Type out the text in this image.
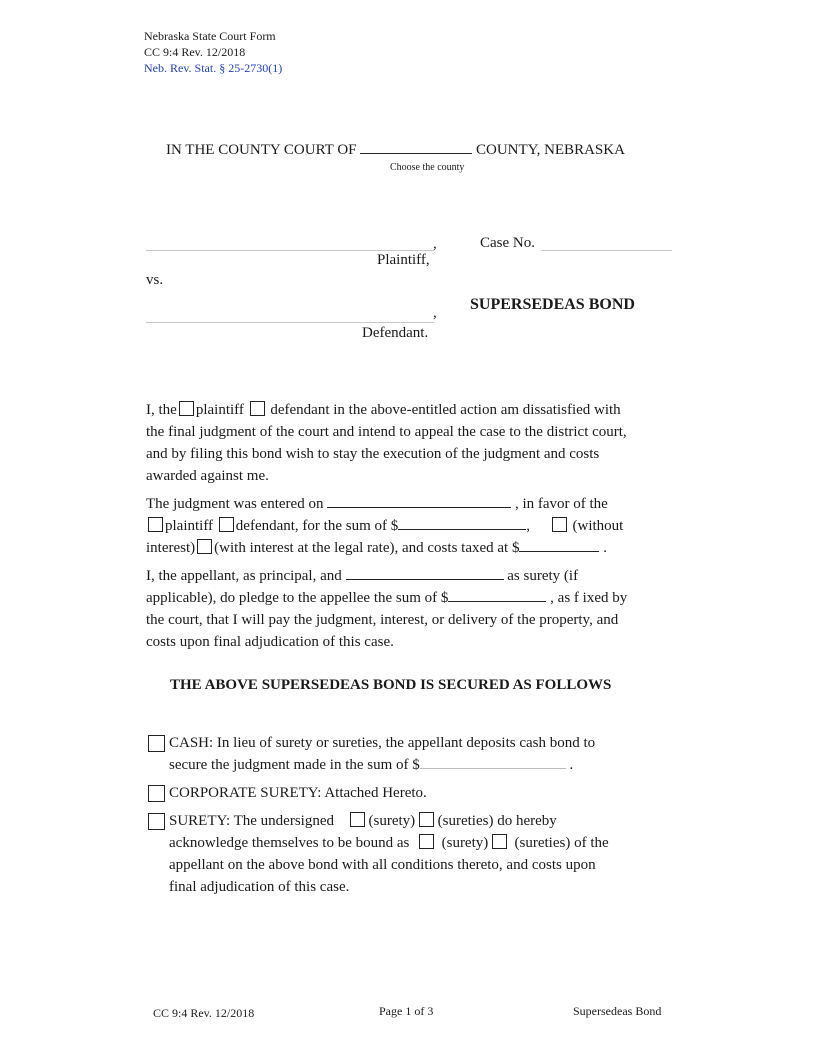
Nebraska State Court Form
CC 9:4 Rev. 12/2018
Neb. Rev. Stat. § 25-2730(1)
IN THE COUNTY COURT OF	COUNTY, NEBRASKA
Choose the county
,
Plaintiff,
Case No.
vs.
SUPERSEDEAS BOND
,
Defendant.
I, the plaintiff defendant in the above-entitled action am dissatisfied with
the final judgment of the court and intend to appeal the case to the district court,
and by filing this bond wish to stay the execution of the judgment and costs
awarded against me.
The judgment was entered on	, in favor of the
plaintiff defendant, for the sum of $	,	(without
interest) (with interest at the legal rate), and costs taxed at $	.
I, the appellant, as principal, and	as surety (if
applicable), do pledge to the appellee the sum of $	, as f ixed by
the court, that I will pay the judgment, interest, or delivery of the property, and
costs upon final adjudication of this case.
THE ABOVE SUPERSEDEAS BOND IS SECURED AS FOLLOWS
CASH: In lieu of surety or sureties, the appellant deposits cash bond to
secure the judgment made in the sum of $	.
CORPORATE SURETY: Attached Hereto.
SURETY: The undersigned (surety) (sureties) do hereby
acknowledge themselves to be bound as (surety) (sureties) of the
appellant on the above bond with all conditions thereto, and costs upon
final adjudication of this case.
CC 9:4 Rev. 12/2018	Page 1 of 3	Supersedeas Bond
